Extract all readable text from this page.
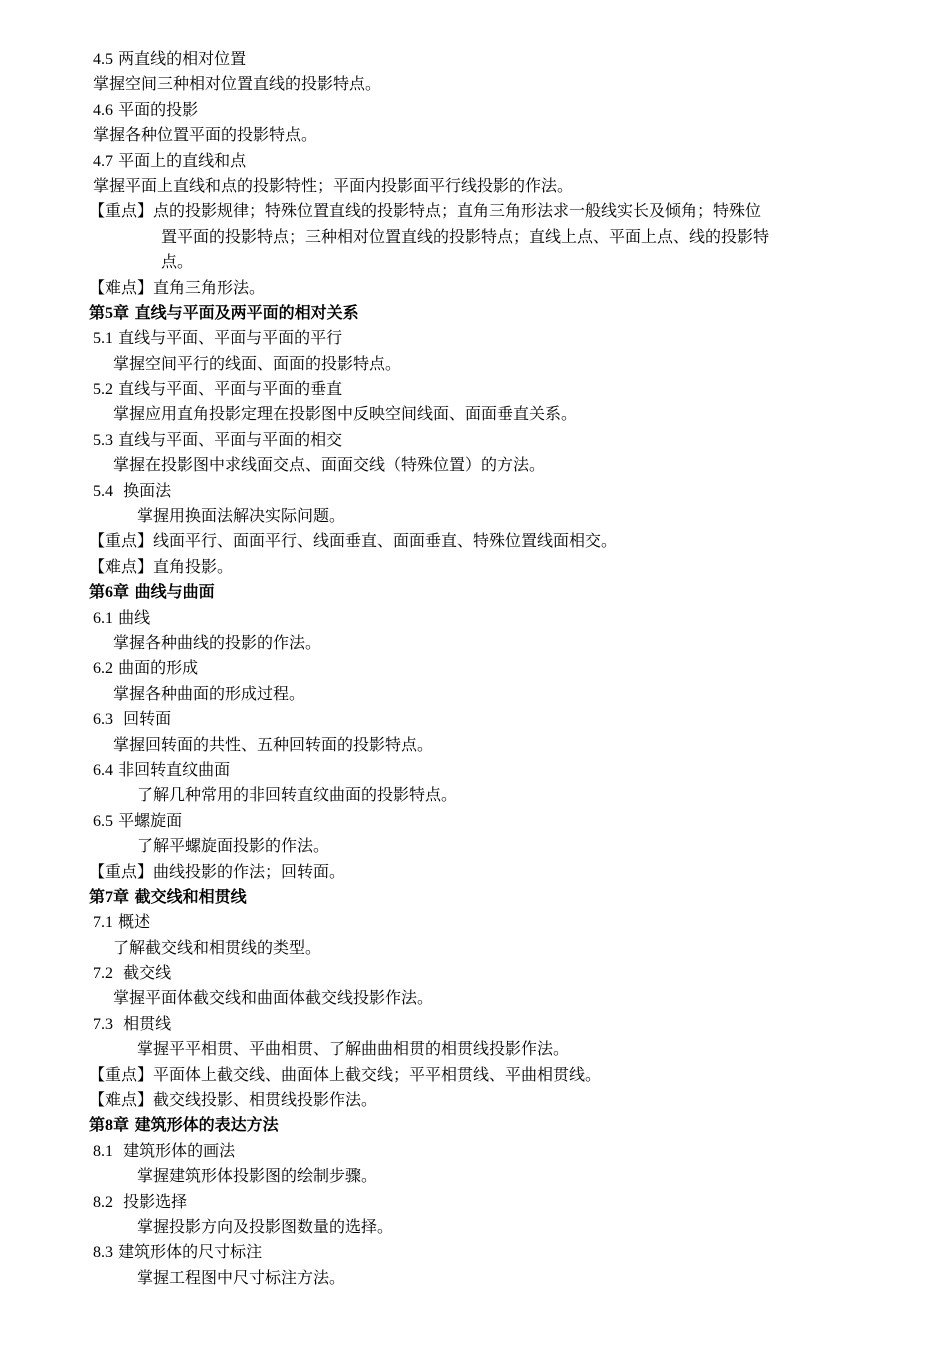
4.5 两直线的相对位置
掌握空间三种相对位置直线的投影特点。
4.6 平面的投影
掌握各种位置平面的投影特点。
4.7 平面上的直线和点
掌握平面上直线和点的投影特性；平面内投影面平行线投影的作法。
【重点】点的投影规律；特殊位置直线的投影特点；直角三角形法求一般线实长及倾角；特殊位
置平面的投影特点；三种相对位置直线的投影特点；直线上点、平面上点、线的投影特
点。
【难点】直角三角形法。
第5章 直线与平面及两平面的相对关系
5.1 直线与平面、平面与平面的平行
掌握空间平行的线面、面面的投影特点。
5.2 直线与平面、平面与平面的垂直
掌握应用直角投影定理在投影图中反映空间线面、面面垂直关系。
5.3 直线与平面、平面与平面的相交
掌握在投影图中求线面交点、面面交线（特殊位置）的方法。
5.4  换面法
掌握用换面法解决实际问题。
【重点】线面平行、面面平行、线面垂直、面面垂直、特殊位置线面相交。
【难点】直角投影。
第6章 曲线与曲面
6.1 曲线
掌握各种曲线的投影的作法。
6.2 曲面的形成
掌握各种曲面的形成过程。
6.3  回转面
掌握回转面的共性、五种回转面的投影特点。
6.4 非回转直纹曲面
了解几种常用的非回转直纹曲面的投影特点。
6.5 平螺旋面
了解平螺旋面投影的作法。
【重点】曲线投影的作法；回转面。
第7章 截交线和相贯线
7.1 概述
了解截交线和相贯线的类型。
7.2  截交线
掌握平面体截交线和曲面体截交线投影作法。
7.3  相贯线
掌握平平相贯、平曲相贯、了解曲曲相贯的相贯线投影作法。
【重点】平面体上截交线、曲面体上截交线；平平相贯线、平曲相贯线。
【难点】截交线投影、相贯线投影作法。
第8章 建筑形体的表达方法
8.1  建筑形体的画法
掌握建筑形体投影图的绘制步骤。
8.2  投影选择
掌握投影方向及投影图数量的选择。
8.3 建筑形体的尺寸标注
掌握工程图中尺寸标注方法。
